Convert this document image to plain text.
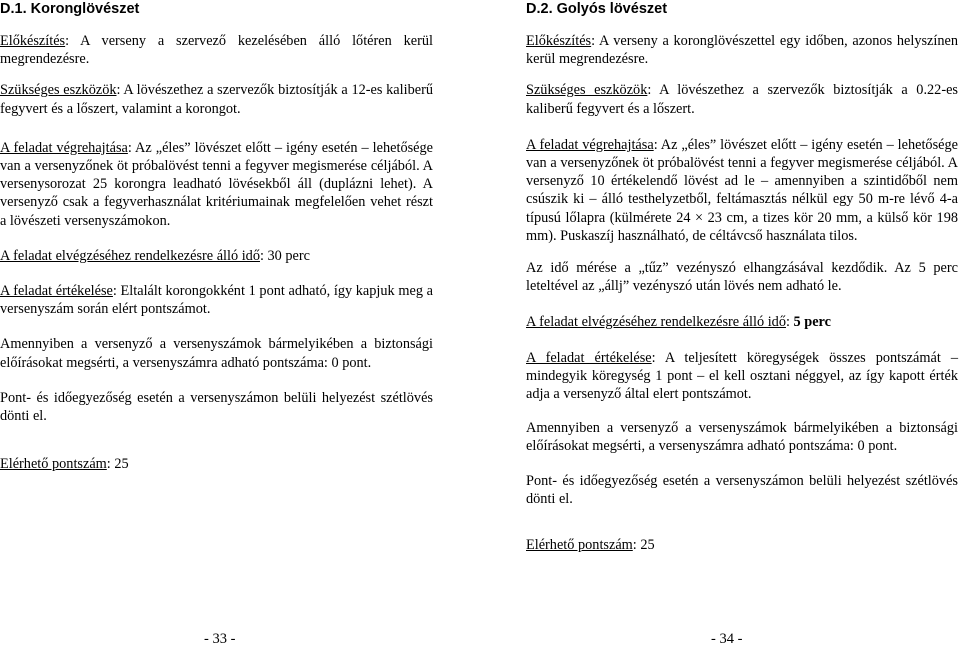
D.1. Koronglövészet

Előkészítés: A verseny a szervező kezelésében álló lőtéren kerül megrendezésre.

Szükséges eszközök: A lövészethez a szervezők biztosítják a 12-es kaliberű fegyvert és a lőszert, valamint a korongot.

A feladat végrehajtása: Az „éles” lövészet előtt – igény esetén – lehetősége van a versenyzőnek öt próbalövést tenni a fegyver megismerése céljából. A versenysorozat 25 korongra leadható lövésekből áll (duplázni lehet). A versenyző csak a fegyverhasználat kritériumainak megfelelően vehet részt a lövészeti versenyszámokon.

A feladat elvégzéséhez rendelkezésre álló idő: 30 perc

A feladat értékelése: Eltalált korongokként 1 pont adható, így kapjuk meg a versenyszám során elért pontszámot.

Amennyiben a versenyző a versenyszámok bármelyikében a biztonsági előírásokat megsérti, a versenyszámra adható pontszáma: 0 pont.

Pont- és időegyezőség esetén a versenyszámon belüli helyezést szétlövés dönti el.

Elérhető pontszám: 25

D.2. Golyós lövészet

Előkészítés: A verseny a koronglövészettel egy időben, azonos helyszínen kerül megrendezésre.

Szükséges eszközök: A lövészethez a szervezők biztosítják a 0.22-es kaliberű fegyvert és a lőszert.

A feladat végrehajtása: Az „éles” lövészet előtt – igény esetén – lehetősége van a versenyzőnek öt próbalövést tenni a fegyver megismerése céljából. A versenyző 10 értékelendő lövést ad le – amennyiben a szintidőből nem csúszik ki – álló testhelyzetből, feltámasztás nélkül egy 50 m-re lévő 4-a típusú lőlapra (külmérete 24 × 23 cm, a tizes kör 20 mm, a külső kör 198 mm). Puskaszíj használható, de céltávcső használata tilos.

Az idő mérése a „tűz” vezényszó elhangzásával kezdődik. Az 5 perc leteltével az „állj” vezényszó után lövés nem adható le.

A feladat elvégzéséhez rendelkezésre álló idő: 5 perc

A feladat értékelése: A teljesített köregységek összes pontszámát – mindegyik köregység 1 pont – el kell osztani néggyel, az így kapott érték adja a versenyző által elert pontszámot.

Amennyiben a versenyző a versenyszámok bármelyikében a biztonsági előírásokat megsérti, a versenyszámra adható pontszáma: 0 pont.

Pont- és időegyezőség esetén a versenyszámon belüli helyezést szétlövés dönti el.

Elérhető pontszám: 25

- 33 -	- 34 -
